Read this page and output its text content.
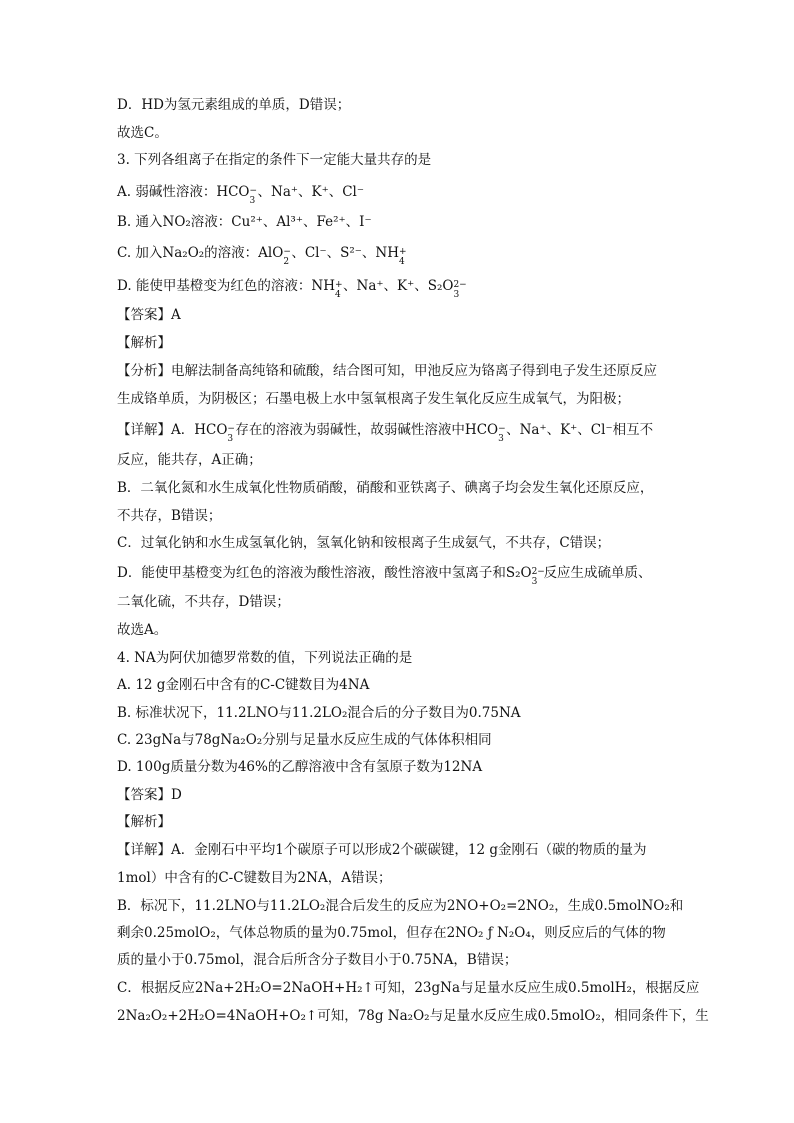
D．HD为氢元素组成的单质，D错误；
故选C。
3. 下列各组离子在指定的条件下一定能大量共存的是
A. 弱碱性溶液：HCO −
3
、Na⁺、K⁺、Cl⁻
B. 通入NO₂溶液：Cu²⁺、Al³⁺、Fe²⁺、I⁻
C. 加入Na₂O₂的溶液：AlO −
2
、Cl⁻、S²⁻、NH +
4
D. 能使甲基橙变为红色的溶液：NH +
4
、Na⁺、K⁺、S₂O 2−
3
【答案】A
【解析】
【分析】电解法制备高纯铬和硫酸，结合图可知，甲池反应为铬离子得到电子发生还原反应
生成铬单质，为阴极区；石墨电极上水中氢氧根离子发生氧化反应生成氧气，为阳极；
【详解】A．HCO −
3
存在的溶液为弱碱性，故弱碱性溶液中HCO −
3
、Na⁺、K⁺、Cl⁻相互不
反应，能共存，A正确；
B．二氧化氮和水生成氧化性物质硝酸，硝酸和亚铁离子、碘离子均会发生氧化还原反应，
不共存，B错误；
C．过氧化钠和水生成氢氧化钠，氢氧化钠和铵根离子生成氨气，不共存，C错误；
D．能使甲基橙变为红色的溶液为酸性溶液，酸性溶液中氢离子和S₂O 2−
3
反应生成硫单质、
二氧化硫，不共存，D错误；
故选A。
4. NA为阿伏加德罗常数的值，下列说法正确的是
A. 12 g金刚石中含有的C-C键数目为4NA
B. 标准状况下，11.2LNO与11.2LO₂混合后的分子数目为0.75NA
C. 23gNa与78gNa₂O₂分别与足量水反应生成的气体体积相同
D. 100g质量分数为46%的乙醇溶液中含有氢原子数为12NA
【答案】D
【解析】
【详解】A．金刚石中平均1个碳原子可以形成2个碳碳键，12 g金刚石（碳的物质的量为
1mol）中含有的C-C键数目为2NA，A错误；
B．标况下，11.2LNO与11.2LO₂混合后发生的反应为2NO+O₂=2NO₂，生成0.5molNO₂和
剩余0.25molO₂，气体总物质的量为0.75mol，但存在2NO₂ ƒ N₂O₄，则反应后的气体的物
质的量小于0.75mol，混合后所含分子数目小于0.75NA，B错误；
C．根据反应2Na+2H₂O=2NaOH+H₂↑可知，23gNa与足量水反应生成0.5molH₂，根据反应
2Na₂O₂+2H₂O=4NaOH+O₂↑可知，78g Na₂O₂与足量水反应生成0.5molO₂，相同条件下，生
